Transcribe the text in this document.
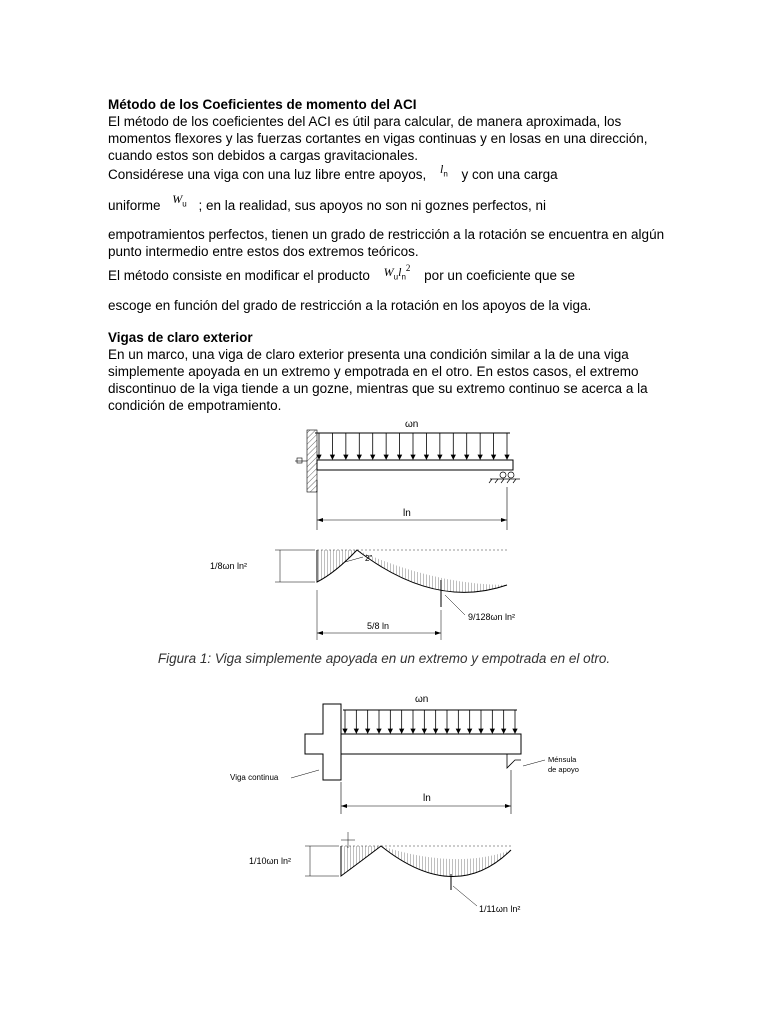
Método de los Coeficientes de momento del ACI

El método de los coeficientes del ACI es útil para calcular, de manera aproximada, los momentos flexores y las fuerzas cortantes en vigas continuas y en losas en una dirección, cuando estos son debidos a cargas gravitacionales.

Considérese una viga con una luz libre entre apoyos, $l_n$ y con una carga

uniforme $W_u$ ; en la realidad, sus apoyos no son ni goznes perfectos, ni

empotramientos perfectos, tienen un grado de restricción a la rotación se encuentra en algún punto intermedio entre estos dos extremos teóricos.

El método consiste en modificar el producto $W_ul_n^2$ por un coeficiente que se

escoge en función del grado de restricción a la rotación en los apoyos de la viga.

Vigas de claro exterior

En un marco, una viga de claro exterior presenta una condición similar a la de una viga simplemente apoyada en un extremo y empotrada en el otro. En estos casos, el extremo discontinuo de la viga tiende a un gozne, mientras que su extremo continuo se acerca a la condición de empotramiento.

ωn
ln
1/8ωn ln²
2"
9/128ωn ln²
5/8 ln
Figura 1: Viga simplemente apoyada en un extremo y empotrada en el otro.
ωn
Viga continua
Ménsula
de apoyo
ln
1/10ωn ln²
1/11ωn ln²
